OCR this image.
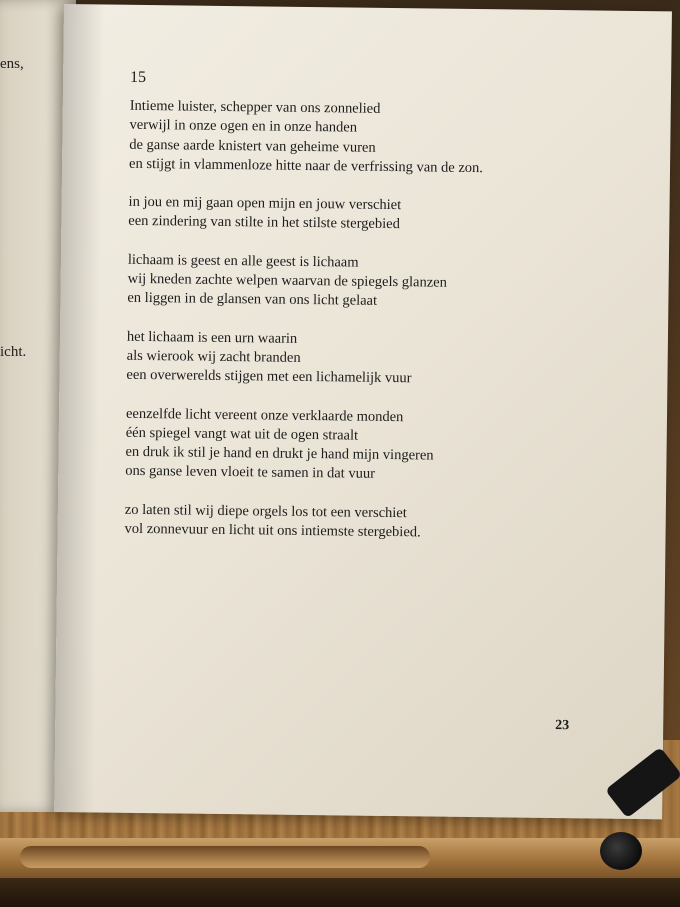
ens,
icht.
15
Intieme luister, schepper van ons zonnelied
verwijl in onze ogen en in onze handen
de ganse aarde knistert van geheime vuren
en stijgt in vlammenloze hitte naar de verfrissing van de zon.
in jou en mij gaan open mijn en jouw verschiet
een zindering van stilte in het stilste stergebied
lichaam is geest en alle geest is lichaam
wij kneden zachte welpen waarvan de spiegels glanzen
en liggen in de glansen van ons licht gelaat
het lichaam is een urn waarin
als wierook wij zacht branden
een overwerelds stijgen met een lichamelijk vuur
eenzelfde licht vereent onze verklaarde monden
één spiegel vangt wat uit de ogen straalt
en druk ik stil je hand en drukt je hand mijn vingeren
ons ganse leven vloeit te samen in dat vuur
zo laten stil wij diepe orgels los tot een verschiet
vol zonnevuur en licht uit ons intiemste stergebied.
23
